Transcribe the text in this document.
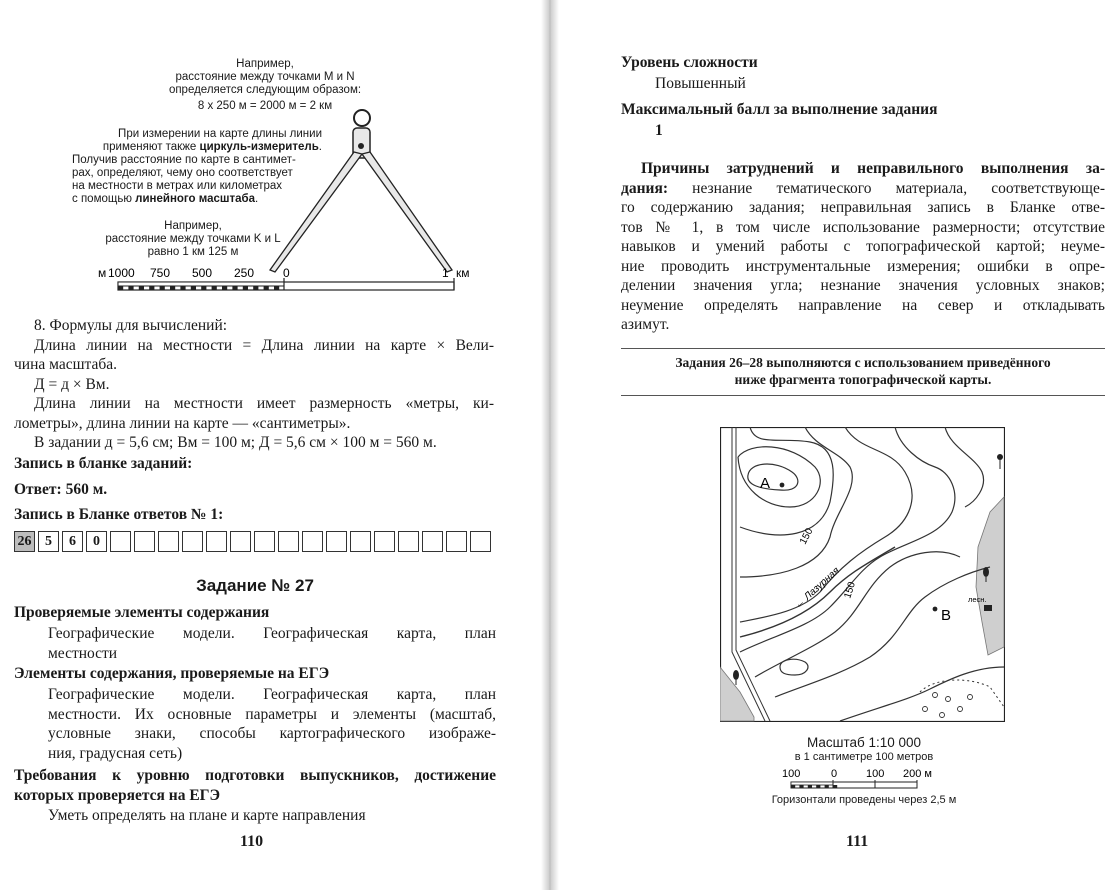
Например,
расстояние между точками M и N
определяется следующим образом:
8 х 250 м = 2000 м = 2 км
При измерении на карте длины линии
применяют также циркуль-измеритель.
Получив расстояние по карте в сантимет-
рах, определяют, чему оно соответствует
на местности в метрах или километрах
с помощью линейного масштаба.
Например,
расстояние между точками K и L
равно 1 км 125 м
м 1000 750 500 250 0	1 км
8. Формулы для вычислений:
Длина линии на местности = Длина линии на карте × Вели-
чина масштаба.
Д = д × Вм.
Длина линии на местности имеет размерность «метры, ки-
лометры», длина линии на карте — «сантиметры».
В задании д = 5,6 см; Вм = 100 м; Д = 5,6 см × 100 м = 560 м.
Запись в бланке заданий:
Ответ: 560 м.
Запись в Бланке ответов № 1:
26 5	6	0
Задание № 27
Проверяемые элементы содержания
Географические модели. Географическая карта, план
местности
Элементы содержания, проверяемые на ЕГЭ
Географические модели. Географическая карта, план
местности. Их основные параметры и элементы (масштаб,
условные знаки, способы картографического изображе-
ния, градусная сеть)
Требования к уровню подготовки выпускников, достижение
которых проверяется на ЕГЭ
Уметь определять на плане и карте направления
110
Уровень сложности
Повышенный
Максимальный балл за выполнение задания
1
Причины затруднений и неправильного выполнения за-
дания: незнание тематического материала, соответствующе-
го содержанию задания; неправильная запись в Бланке отве-
тов № 1, в том числе использование размерности; отсутствие
навыков и умений работы с топографической картой; неуме-
ние проводить инструментальные измерения; ошибки в опре-
делении значения угла; незнание значения условных знаков;
неумение определять направление на север и откладывать
азимут.
Задания 26–28 выполняются с использованием приведённого
ниже фрагмента топографической карты.
A
B
150
150
← Лазурная	лесн.
Масштаб 1:10 000
в 1 сантиметре 100 метров
100	0	100 200 м
Горизонтали проведены через 2,5 м
111
